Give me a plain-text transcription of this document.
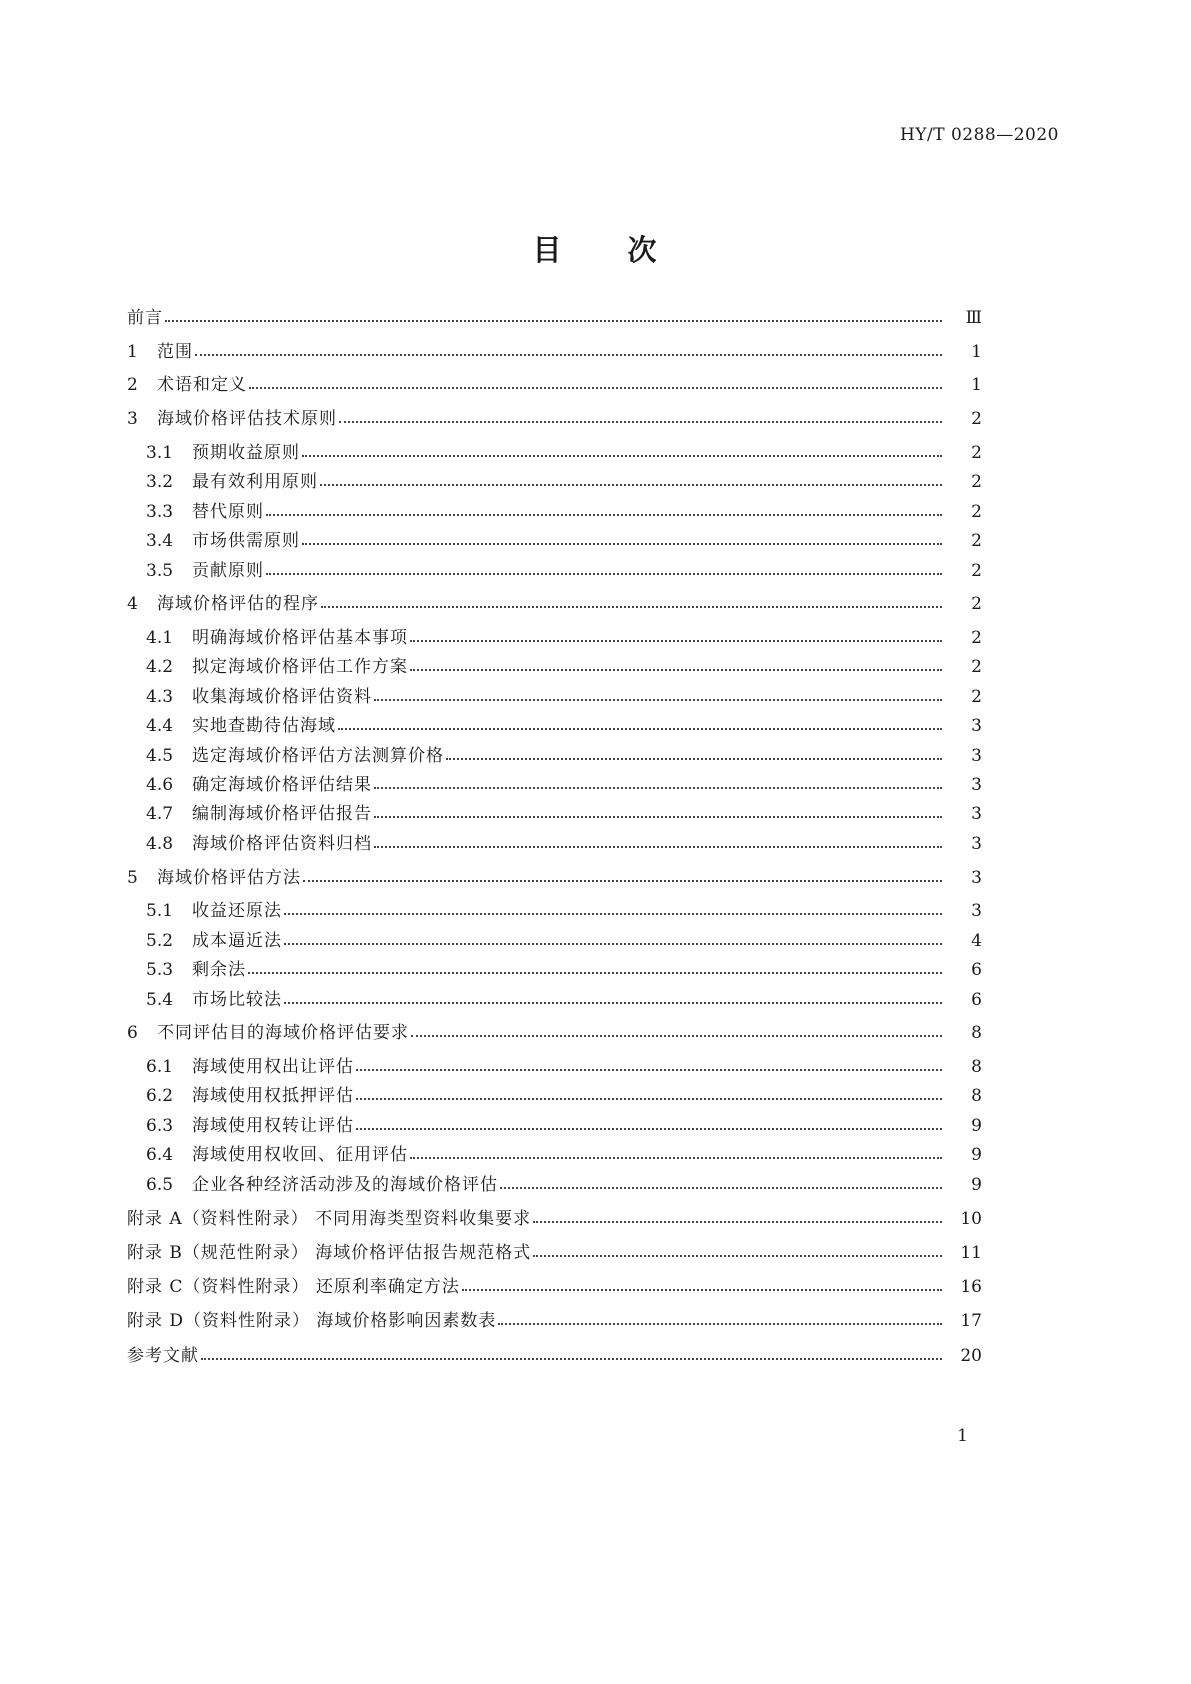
HY/T 0288—2020
目 次
前言	Ⅲ
1	范围	1
2	术语和定义	1
3	海域价格评估技术原则	2
3.1	预期收益原则	2
3.2	最有效利用原则	2
3.3	替代原则	2
3.4	市场供需原则	2
3.5	贡献原则	2
4	海域价格评估的程序	2
4.1	明确海域价格评估基本事项	2
4.2	拟定海域价格评估工作方案	2
4.3	收集海域价格评估资料	2
4.4	实地查勘待估海域	3
4.5	选定海域价格评估方法测算价格	3
4.6	确定海域价格评估结果	3
4.7	编制海域价格评估报告	3
4.8	海域价格评估资料归档	3
5	海域价格评估方法	3
5.1	收益还原法	3
5.2	成本逼近法	4
5.3	剩余法	6
5.4	市场比较法	6
6	不同评估目的海域价格评估要求	8
6.1	海域使用权出让评估	8
6.2	海域使用权抵押评估	8
6.3	海域使用权转让评估	9
6.4	海域使用权收回、征用评估	9
6.5	企业各种经济活动涉及的海域价格评估	9
附录 A（资料性附录） 不同用海类型资料收集要求	10
附录 B（规范性附录） 海域价格评估报告规范格式	11
附录 C（资料性附录） 还原利率确定方法	16
附录 D（资料性附录） 海域价格影响因素数表	17
参考文献	20
1
